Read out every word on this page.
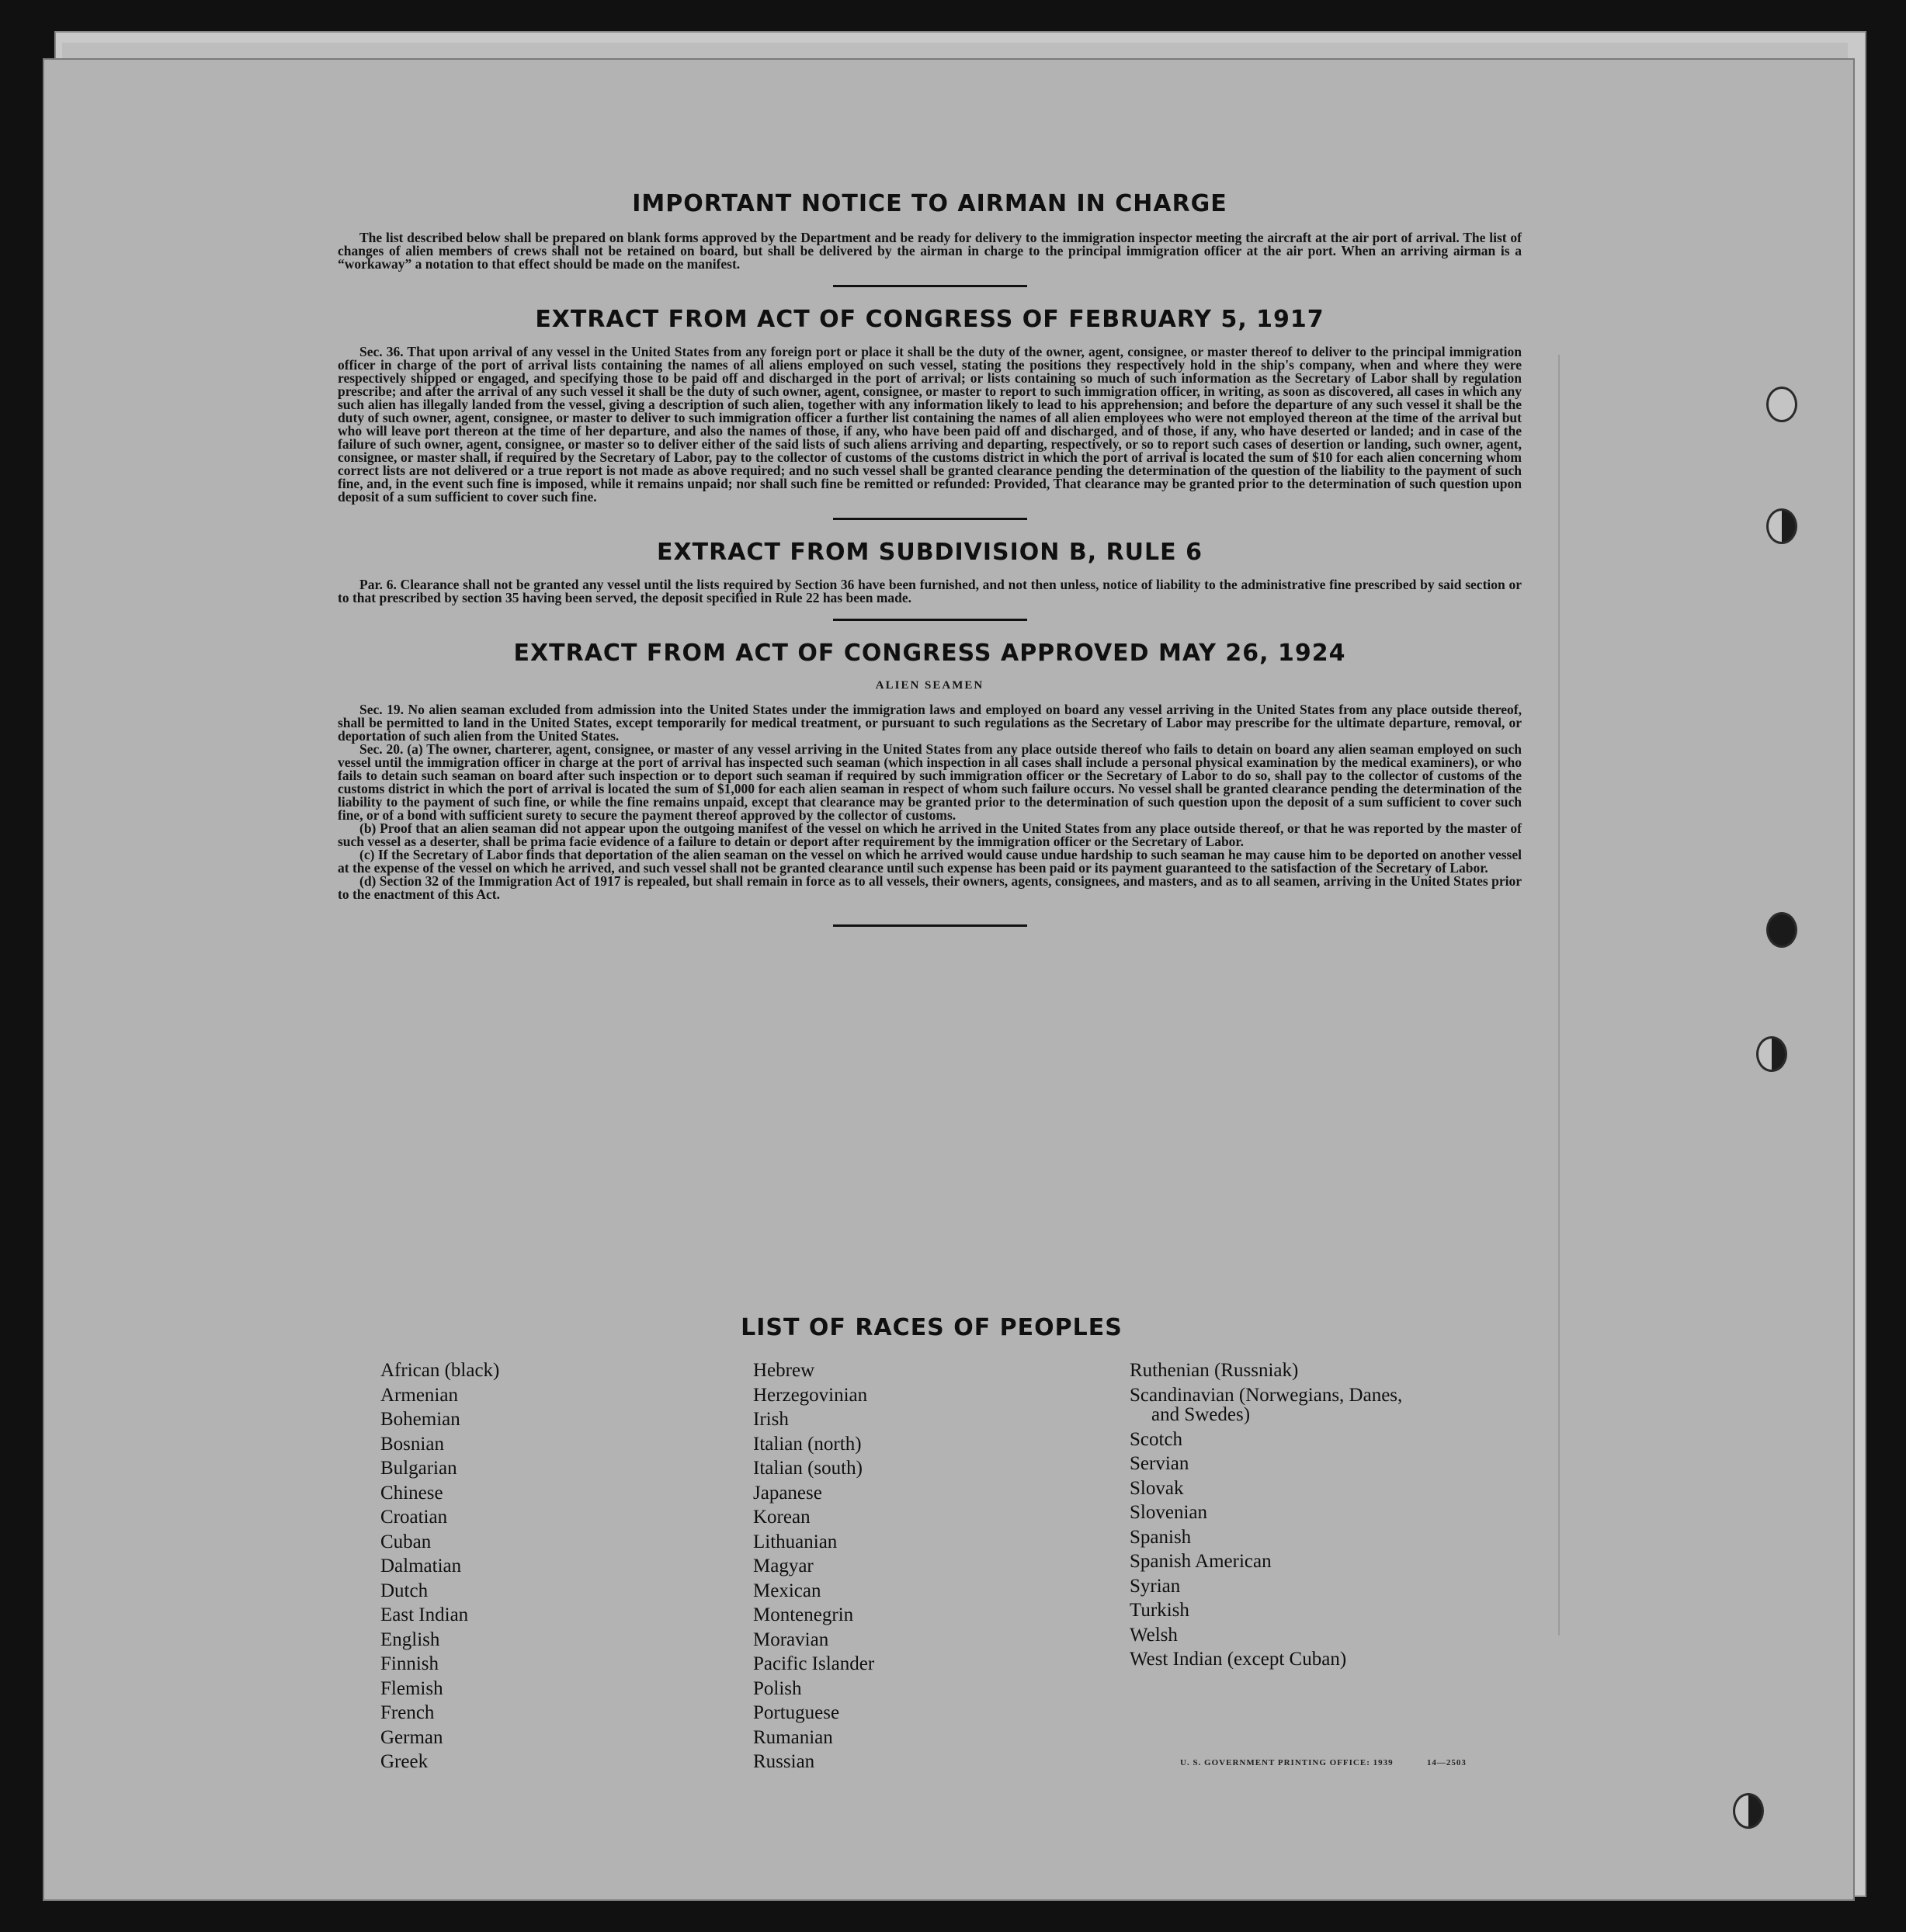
IMPORTANT NOTICE TO AIRMAN IN CHARGE

The list described below shall be prepared on blank forms approved by the Department and be ready for delivery to the immigration inspector meeting the aircraft at the air port of arrival. The list of changes of alien members of crews shall not be retained on board, but shall be delivered by the airman in charge to the principal immigration officer at the air port. When an arriving airman is a “workaway” a notation to that effect should be made on the manifest.

EXTRACT FROM ACT OF CONGRESS OF FEBRUARY 5, 1917

Sec. 36. That upon arrival of any vessel in the United States from any foreign port or place it shall be the duty of the owner, agent, consignee, or master thereof to deliver to the principal immigration officer in charge of the port of arrival lists containing the names of all aliens employed on such vessel, stating the positions they respectively hold in the ship's company, when and where they were respectively shipped or engaged, and specifying those to be paid off and discharged in the port of arrival; or lists containing so much of such information as the Secretary of Labor shall by regulation prescribe; and after the arrival of any such vessel it shall be the duty of such owner, agent, consignee, or master to report to such immigration officer, in writing, as soon as discovered, all cases in which any such alien has illegally landed from the vessel, giving a description of such alien, together with any information likely to lead to his apprehension; and before the departure of any such vessel it shall be the duty of such owner, agent, consignee, or master to deliver to such immigration officer a further list containing the names of all alien employees who were not employed thereon at the time of the arrival but who will leave port thereon at the time of her departure, and also the names of those, if any, who have been paid off and discharged, and of those, if any, who have deserted or landed; and in case of the failure of such owner, agent, consignee, or master so to deliver either of the said lists of such aliens arriving and departing, respectively, or so to report such cases of desertion or landing, such owner, agent, consignee, or master shall, if required by the Secretary of Labor, pay to the collector of customs of the customs district in which the port of arrival is located the sum of $10 for each alien concerning whom correct lists are not delivered or a true report is not made as above required; and no such vessel shall be granted clearance pending the determination of the question of the liability to the payment of such fine, and, in the event such fine is imposed, while it remains unpaid; nor shall such fine be remitted or refunded: Provided, That clearance may be granted prior to the determination of such question upon deposit of a sum sufficient to cover such fine.

EXTRACT FROM SUBDIVISION B, RULE 6

Par. 6. Clearance shall not be granted any vessel until the lists required by Section 36 have been furnished, and not then unless, notice of liability to the administrative fine prescribed by said section or to that prescribed by section 35 having been served, the deposit specified in Rule 22 has been made.

EXTRACT FROM ACT OF CONGRESS APPROVED MAY 26, 1924
ALIEN SEAMEN

Sec. 19. No alien seaman excluded from admission into the United States under the immigration laws and employed on board any vessel arriving in the United States from any place outside thereof, shall be permitted to land in the United States, except temporarily for medical treatment, or pursuant to such regulations as the Secretary of Labor may prescribe for the ultimate departure, removal, or deportation of such alien from the United States.

Sec. 20. (a) The owner, charterer, agent, consignee, or master of any vessel arriving in the United States from any place outside thereof who fails to detain on board any alien seaman employed on such vessel until the immigration officer in charge at the port of arrival has inspected such seaman (which inspection in all cases shall include a personal physical examination by the medical examiners), or who fails to detain such seaman on board after such inspection or to deport such seaman if required by such immigration officer or the Secretary of Labor to do so, shall pay to the collector of customs of the customs district in which the port of arrival is located the sum of $1,000 for each alien seaman in respect of whom such failure occurs. No vessel shall be granted clearance pending the determination of the liability to the payment of such fine, or while the fine remains unpaid, except that clearance may be granted prior to the determination of such question upon the deposit of a sum sufficient to cover such fine, or of a bond with sufficient surety to secure the payment thereof approved by the collector of customs.

(b) Proof that an alien seaman did not appear upon the outgoing manifest of the vessel on which he arrived in the United States from any place outside thereof, or that he was reported by the master of such vessel as a deserter, shall be prima facie evidence of a failure to detain or deport after requirement by the immigration officer or the Secretary of Labor.

(c) If the Secretary of Labor finds that deportation of the alien seaman on the vessel on which he arrived would cause undue hardship to such seaman he may cause him to be deported on another vessel at the expense of the vessel on which he arrived, and such vessel shall not be granted clearance until such expense has been paid or its payment guaranteed to the satisfaction of the Secretary of Labor.

(d) Section 32 of the Immigration Act of 1917 is repealed, but shall remain in force as to all vessels, their owners, agents, consignees, and masters, and as to all seamen, arriving in the United States prior to the enactment of this Act.

LIST OF RACES OF PEOPLES
African (black)
Armenian
Bohemian
Bosnian
Bulgarian
Chinese
Croatian
Cuban
Dalmatian
Dutch
East Indian
English
Finnish
Flemish
French
German
Greek
Hebrew
Herzegovinian
Irish
Italian (north)
Italian (south)
Japanese
Korean
Lithuanian
Magyar
Mexican
Montenegrin
Moravian
Pacific Islander
Polish
Portuguese
Rumanian
Russian
Ruthenian (Russniak)
Scandinavian (Norwegians, Danes,
and Swedes)
Scotch
Servian
Slovak
Slovenian
Spanish
Spanish American
Syrian
Turkish
Welsh
West Indian (except Cuban)
U. S. GOVERNMENT PRINTING OFFICE: 1939	14—2503
